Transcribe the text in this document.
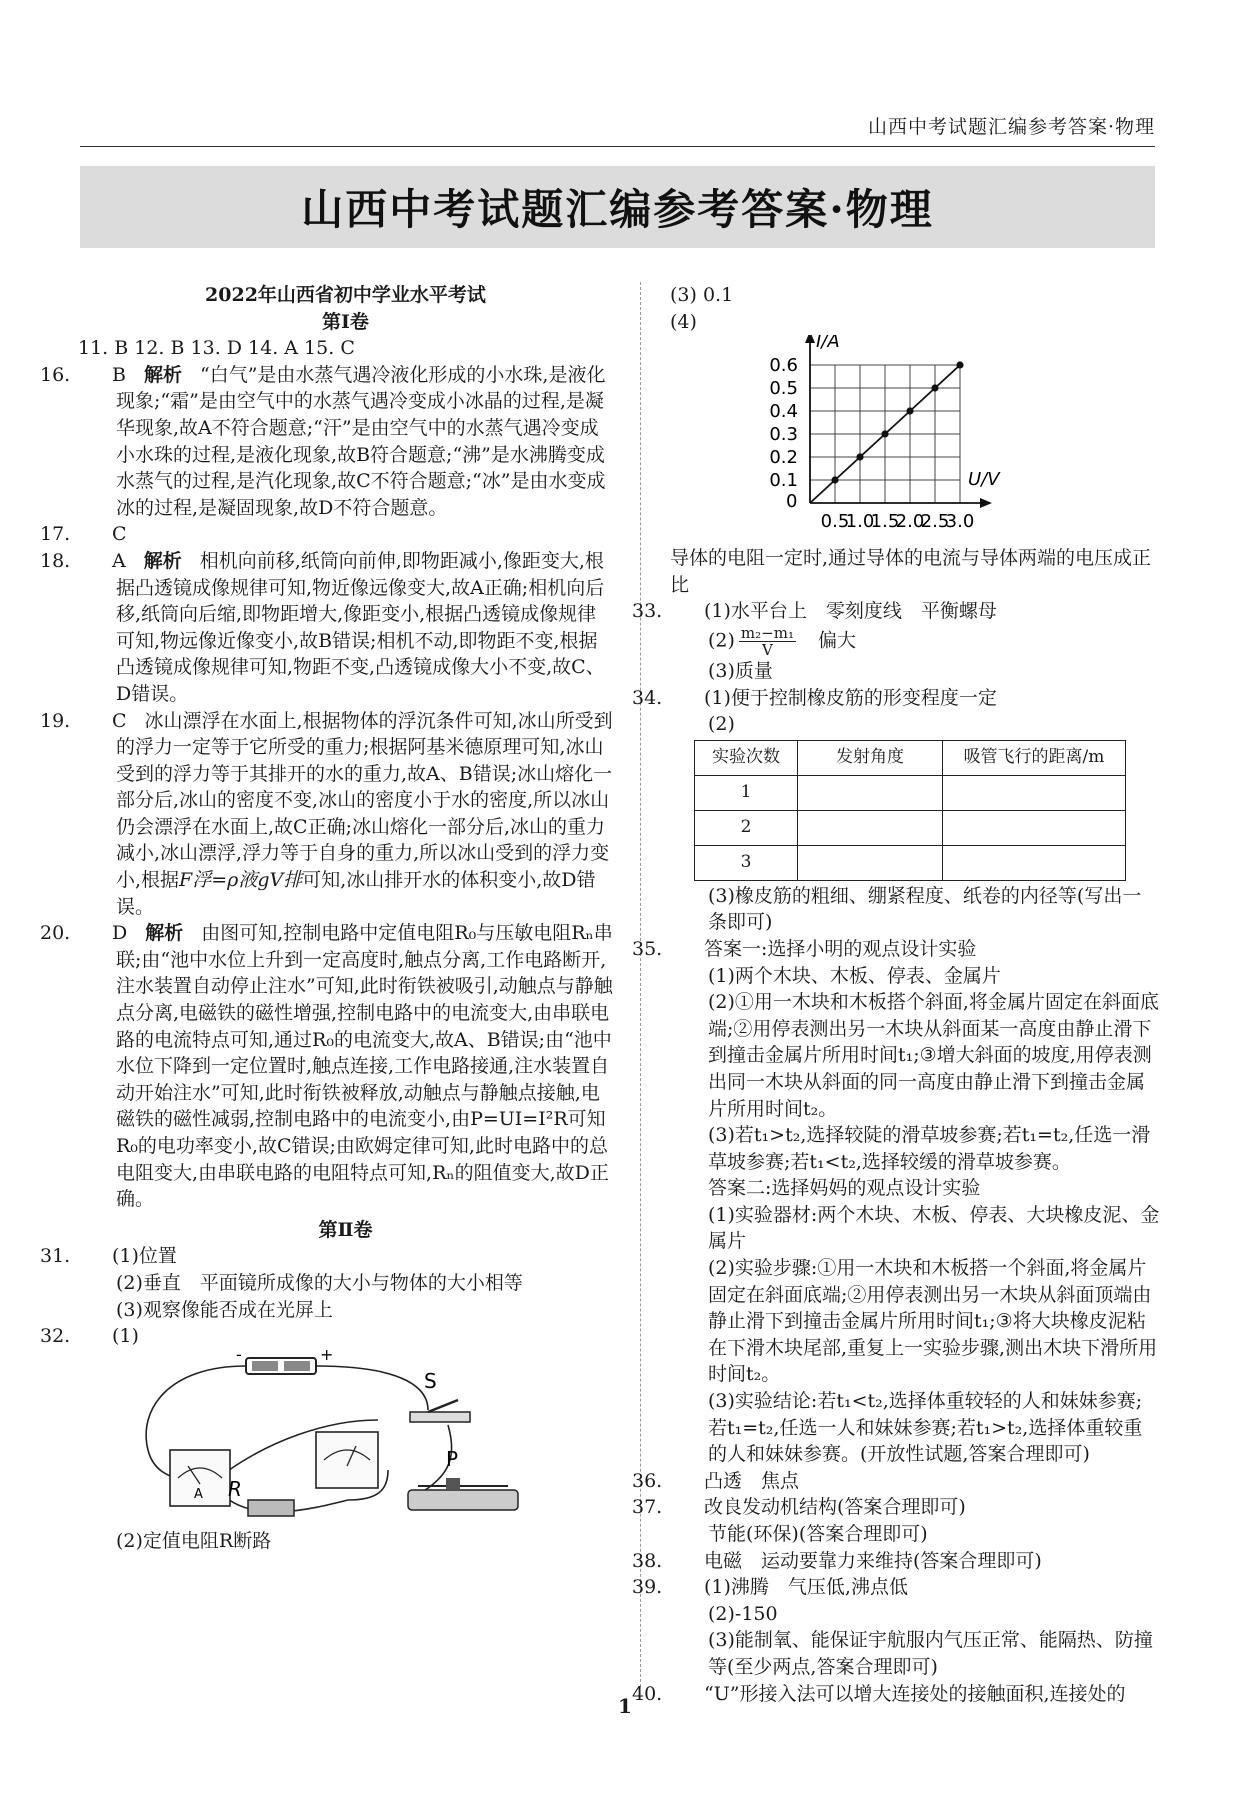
山西中考试题汇编参考答案·物理
山西中考试题汇编参考答案·物理
2022年山西省初中学业水平考试
第Ⅰ卷

11. B 12. B 13. D 14. A 15. C

16. B 解析 “白气”是由水蒸气遇冷液化形成的小水珠,是液化现象;“霜”是由空气中的水蒸气遇冷变成小冰晶的过程,是凝华现象,故A不符合题意;“汗”是由空气中的水蒸气遇冷变成小水珠的过程,是液化现象,故B符合题意;“沸”是水沸腾变成水蒸气的过程,是汽化现象,故C不符合题意;“冰”是由水变成冰的过程,是凝固现象,故D不符合题意。

17. C

18. A 解析 相机向前移,纸筒向前伸,即物距减小,像距变大,根据凸透镜成像规律可知,物近像远像变大,故A正确;相机向后移,纸筒向后缩,即物距增大,像距变小,根据凸透镜成像规律可知,物远像近像变小,故B错误;相机不动,即物距不变,根据凸透镜成像规律可知,物距不变,凸透镜成像大小不变,故C、D错误。

19. C 冰山漂浮在水面上,根据物体的浮沉条件可知,冰山所受到的浮力一定等于它所受的重力;根据阿基米德原理可知,冰山受到的浮力等于其排开的水的重力,故A、B错误;冰山熔化一部分后,冰山的密度不变,冰山的密度小于水的密度,所以冰山仍会漂浮在水面上,故C正确;冰山熔化一部分后,冰山的重力减小,冰山漂浮,浮力等于自身的重力,所以冰山受到的浮力变小,根据F浮=ρ液gV排可知,冰山排开水的体积变小,故D错误。

20. D 解析 由图可知,控制电路中定值电阻R₀与压敏电阻Rₙ串联;由“池中水位上升到一定高度时,触点分离,工作电路断开,注水装置自动停止注水”可知,此时衔铁被吸引,动触点与静触点分离,电磁铁的磁性增强,控制电路中的电流变大,由串联电路的电流特点可知,通过R₀的电流变大,故A、B错误;由“池中水位下降到一定位置时,触点连接,工作电路接通,注水装置自动开始注水”可知,此时衔铁被释放,动触点与静触点接触,电磁铁的磁性减弱,控制电路中的电流变小,由P=UI=I²R可知R₀的电功率变小,故C错误;由欧姆定律可知,此时电路中的总电阻变大,由串联电路的电阻特点可知,Rₙ的阻值变大,故D正确。

第Ⅱ卷

31. (1)位置

(2)垂直　平面镜所成像的大小与物体的大小相等

(3)观察像能否成在光屏上

32. (1)

-	+
S
A R
P

(2)定值电阻R断路

(3) 0.1

(4)

I/A
U/V
0
0.1
0.2
0.3
0.4
0.5
0.6
0.5
1.0
1.5
2.0
2.5
3.0

导体的电阻一定时,通过导体的电流与导体两端的电压成正比

33. (1)水平台上　零刻度线　平衡螺母

$(2) \frac{\text{m₂−m₁}}{V}$ 偏大

(3)质量

34. (1)便于控制橡皮筋的形变程度一定

(2)

实验次数	发射角度	吸管飞行的距离/m
1		
2		
3		

(3)橡皮筋的粗细、绷紧程度、纸卷的内径等(写出一条即可)

35. 答案一:选择小明的观点设计实验

(1)两个木块、木板、停表、金属片

(2)①用一木块和木板搭个斜面,将金属片固定在斜面底端;②用停表测出另一木块从斜面某一高度由静止滑下到撞击金属片所用时间t₁;③增大斜面的坡度,用停表测出同一木块从斜面的同一高度由静止滑下到撞击金属片所用时间t₂。

(3)若t₁>t₂,选择较陡的滑草坡参赛;若t₁=t₂,任选一滑草坡参赛;若t₁<t₂,选择较缓的滑草坡参赛。

答案二:选择妈妈的观点设计实验

(1)实验器材:两个木块、木板、停表、大块橡皮泥、金属片

(2)实验步骤:①用一木块和木板搭一个斜面,将金属片固定在斜面底端;②用停表测出另一木块从斜面顶端由静止滑下到撞击金属片所用时间t₁;③将大块橡皮泥粘在下滑木块尾部,重复上一实验步骤,测出木块下滑所用时间t₂。

(3)实验结论:若t₁<t₂,选择体重较轻的人和妹妹参赛;若t₁=t₂,任选一人和妹妹参赛;若t₁>t₂,选择体重较重的人和妹妹参赛。(开放性试题,答案合理即可)

36. 凸透　焦点

37. 改良发动机结构(答案合理即可)

节能(环保)(答案合理即可)

38. 电磁　运动要靠力来维持(答案合理即可)

39. (1)沸腾　气压低,沸点低

(2)-150

(3)能制氧、能保证宇航服内气压正常、能隔热、防撞等(至少两点,答案合理即可)

40. “U”形接入法可以增大连接处的接触面积,连接处的

1
